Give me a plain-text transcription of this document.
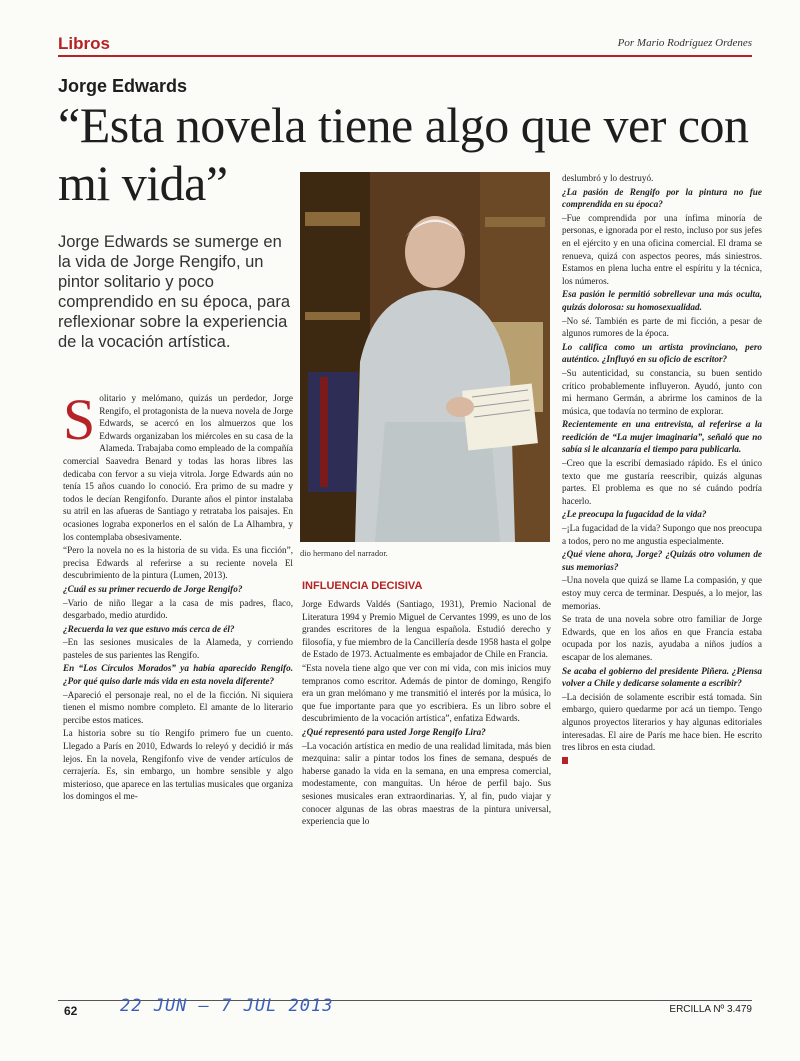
Libros	Por Mario Rodríguez Ordenes
Jorge Edwards
“Esta novela tiene algo que ver con mi vida”
Jorge Edwards se sumerge en la vida de Jorge Rengifo, un pintor solitario y poco comprendido en su época, para reflexionar sobre la experiencia de la vocación artística.
dio hermano del narrador.
S olitario y melómano, quizás un perdedor, Jorge Rengifo, el protagonista de la nueva novela de Jorge Edwards, se acercó en los almuerzos que los Edwards organizaban los miércoles en su casa de la Alameda. Trabajaba como empleado de la compañía comercial Saavedra Benard y todas las horas libres las dedicaba con fervor a su vieja vitrola. Jorge Edwards aún no tenía 15 años cuando lo conoció. Era primo de su madre y todos le decían Rengifonfo. Durante años el pintor instalaba su atril en las afueras de Santiago y retrataba los paisajes. En ocasiones lograba exponerlos en el salón de La Alhambra, y los contemplaba obsesivamente.

“Pero la novela no es la historia de su vida. Es una ficción”, precisa Edwards al referirse a su reciente novela El descubrimiento de la pintura (Lumen, 2013).

¿Cuál es su primer recuerdo de Jorge Rengifo?

–Vario de niño llegar a la casa de mis padres, flaco, desgarbado, medio aturdido.

¿Recuerda la vez que estuvo más cerca de él?

–En las sesiones musicales de la Alameda, y corriendo pasteles de sus parientes las Rengifo.

En “Los Círculos Morados” ya había aparecido Rengifo. ¿Por qué quiso darle más vida en esta novela diferente?

–Apareció el personaje real, no el de la ficción. Ni siquiera tienen el mismo nombre completo. El amante de lo literario percibe estos matices.

La historia sobre su tío Rengifo primero fue un cuento. Llegado a París en 2010, Edwards lo releyó y decidió ir más lejos. En la novela, Rengifonfo vive de vender artículos de cerrajería. Es, sin embargo, un hombre sensible y algo misterioso, que aparece en las tertulias musicales que organiza los domingos el me-

INFLUENCIA DECISIVA

Jorge Edwards Valdés (Santiago, 1931), Premio Nacional de Literatura 1994 y Premio Miguel de Cervantes 1999, es uno de los grandes escritores de la lengua española. Estudió derecho y filosofía, y fue miembro de la Cancillería desde 1958 hasta el golpe de Estado de 1973. Actualmente es embajador de Chile en Francia.

“Esta novela tiene algo que ver con mi vida, con mis inicios muy tempranos como escritor. Además de pintor de domingo, Rengifo era un gran melómano y me transmitió el interés por la música, lo que fue importante para que yo escribiera. Es un libro sobre el descubrimiento de la vocación artística”, enfatiza Edwards.

¿Qué representó para usted Jorge Rengifo Lira?

–La vocación artística en medio de una realidad limitada, más bien mezquina: salir a pintar todos los fines de semana, después de haberse ganado la vida en la semana, en una empresa comercial, modestamente, con manguitas. Un héroe de perfil bajo. Sus sesiones musicales eran extraordinarias. Y, al fin, pudo viajar y conocer algunas de las obras maestras de la pintura universal, experiencia que lo

deslumbró y lo destruyó.

¿La pasión de Rengifo por la pintura no fue comprendida en su época?

–Fue comprendida por una ínfima minoría de personas, e ignorada por el resto, incluso por sus jefes en el ejército y en una oficina comercial. El drama se renueva, quizá con aspectos peores, más siniestros. Estamos en plena lucha entre el espíritu y la técnica, los números.

Esa pasión le permitió sobrellevar una más oculta, quizás dolorosa: su homosexualidad.

–No sé. También es parte de mi ficción, a pesar de algunos rumores de la época.

Lo califica como un artista provinciano, pero auténtico. ¿Influyó en su oficio de escritor?

–Su autenticidad, su constancia, su buen sentido crítico probablemente influyeron. Ayudó, junto con mi hermano Germán, a abrirme los caminos de la música, que todavía no termino de explorar.

Recientemente en una entrevista, al referirse a la reedición de “La mujer imaginaria”, señaló que no sabía si le alcanzaría el tiempo para publicarla.

–Creo que la escribí demasiado rápido. Es el único texto que me gustaría reescribir, quizás algunas partes. El problema es que no sé cuándo podría hacerlo.

¿Le preocupa la fugacidad de la vida?

–¡La fugacidad de la vida? Supongo que nos preocupa a todos, pero no me angustia especialmente.

¿Qué viene ahora, Jorge? ¿Quizás otro volumen de sus memorias?

–Una novela que quizá se llame La compasión, y que estoy muy cerca de terminar. Después, a lo mejor, las memorias.

Se trata de una novela sobre otro familiar de Jorge Edwards, que en los años en que Francia estaba ocupada por los nazis, ayudaba a niños judíos a escapar de los alemanes.

Se acaba el gobierno del presidente Piñera. ¿Piensa volver a Chile y dedicarse solamente a escribir?

–La decisión de solamente escribir está tomada. Sin embargo, quiero quedarme por acá un tiempo. Tengo algunos proyectos literarios y hay algunas editoriales interesadas. El aire de París me hace bien. He escrito tres libros en esta ciudad.

62	22 JUN – 7 JUL 2013	ERCILLA Nº 3.479
